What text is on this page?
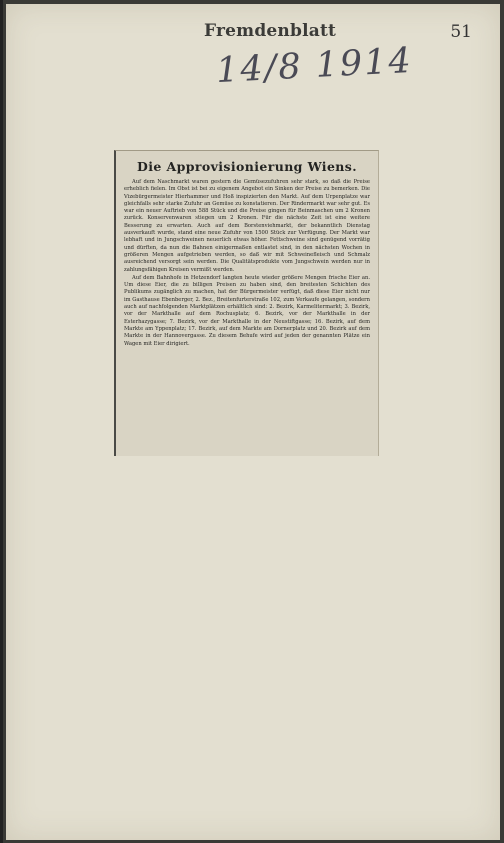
Fremdenblatt	51
14/8 1914
Die Approvisionierung Wiens.

Auf dem Naschmarkt waren gestern die Gemüsezufuhren sehr stark, so daß die Preise erheblich fielen. Im Obst ist bei zu eigenem Angebot ein Sinken der Preise zu bemerken. Die Vizebürgermeister Hierhammer und Hoß inspizierten den Markt. Auf dem Urpenplatze war gleichfalls sehr starke Zufuhr an Gemüse zu konstatieren. Der Rindermarkt war sehr gut. Es war ein neuer Auftrieb von 588 Stück und die Preise gingen für Beinmaschen um 2 Kronen zurück. Konservenwaren stiegen um 2 Kronen. Für die nächste Zeit ist eine weitere Besserung zu erwarten. Auch auf dem Borstenviehmarkt, der bekanntlich Dienstag ausverkauft wurde, stand eine neue Zufuhr von 1500 Stück zur Verfügung. Der Markt war lebhaft und in Jungschweinen neuerlich etwas höher. Fettschweine sind genügend vorrätig und dürften, da nun die Bahnen einigermaßen entlastet sind, in den nächsten Wochen in größeren Mengen aufgetrieben werden, so daß wir mit Schweinefleisch und Schmalz ausreichend versorgt sein werden. Die Qualitätsprodukte vom Jungschwein werden nur in zahlungsfähigen Kreisen vermißt werden.

Auf dem Bahnhofe in Hetzendorf langten heute wieder größere Mengen frische Eier an. Um diese Eier, die zu billigen Preisen zu haben sind, den breitesten Schichten des Publikums zugänglich zu machen, hat der Bürgermeister verfügt, daß diese Eier nicht nur im Gasthause Ebenberger, 2. Bez., Breitenfurterstraße 102, zum Verkaufe gelangen, sondern auch auf nachfolgenden Marktplätzen erhältlich sind: 2. Bezirk, Karmelitermarkt; 3. Bezirk, vor der Markthalle auf dem Rochusplatz; 6. Bezirk, vor der Markthalle in der Esterhazygasse; 7. Bezirk, vor der Markthalle in der Neustiftgasse; 16. Bezirk, auf dem Markte am Yppenplatz; 17. Bezirk, auf dem Markte am Dornerplatz und 20. Bezirk auf dem Markte in der Hannovergasse. Zu diesem Behufe wird auf jeden der genannten Plätze ein Wagen mit Eier dirigiert.
